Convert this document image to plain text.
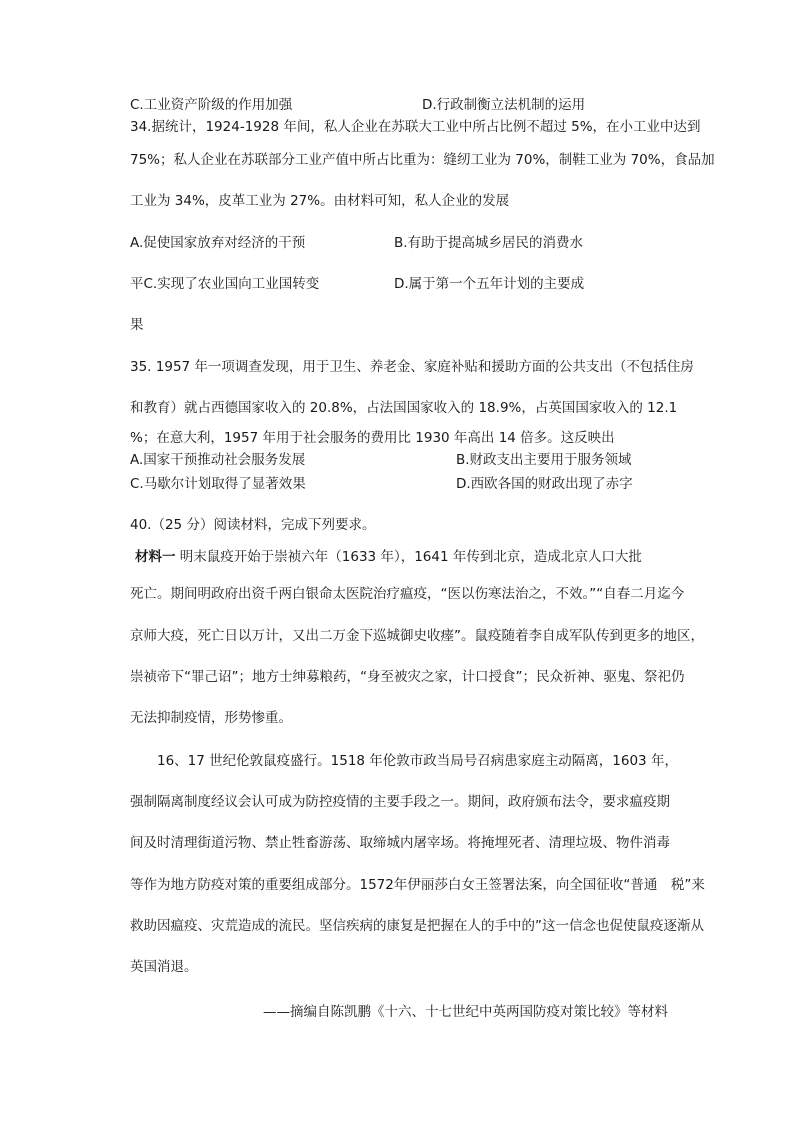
C.工业资产阶级的作用加强	D.行政制衡立法机制的运用
34.据统计，1924-1928 年间，私人企业在苏联大工业中所占比例不超过 5%，在小工业中达到
75%；私人企业在苏联部分工业产值中所占比重为：缝纫工业为 70%，制鞋工业为 70%，食品加
工业为 34%，皮革工业为 27%。由材料可知，私人企业的发展
A.促使国家放弃对经济的干预	B.有助于提高城乡居民的消费水
平C.实现了农业国向工业国转变	D.属于第一个五年计划的主要成
果
35. 1957 年一项调查发现，用于卫生、养老金、家庭补贴和援助方面的公共支出（不包括住房
和教育）就占西德国家收入的 20.8%，占法国国家收入的 18.9%，占英国国家收入的 12.1
%；在意大利，1957 年用于社会服务的费用比 1930 年高出 14 倍多。这反映出
A.国家干预推动社会服务发展	B.财政支出主要用于服务领域
C.马歇尔计划取得了显著效果	D.西欧各国的财政出现了赤字
40.（25 分）阅读材料，完成下列要求。
材料一 明末鼠疫开始于崇祯六年（1633 年），1641 年传到北京，造成北京人口大批
死亡。期间明政府出资千两白银命太医院治疗瘟疫，“医以伤寒法治之，不效。”“自春二月迄今
京师大疫，死亡日以万计，又出二万金下巡城御史收瘗”。鼠疫随着李自成军队传到更多的地区，
崇祯帝下“罪己诏”；地方士绅募粮药，“身至被灾之家，计口授食”；民众祈神、驱鬼、祭祀仍
无法抑制疫情，形势惨重。
16、17 世纪伦敦鼠疫盛行。1518 年伦敦市政当局号召病患家庭主动隔离，1603 年，
强制隔离制度经议会认可成为防控疫情的主要手段之一。期间，政府颁布法令，要求瘟疫期
间及时清理街道污物、禁止牲畜游荡、取缔城内屠宰场。将掩埋死者、清理垃圾、物件消毒
等作为地方防疫对策的重要组成部分。1572年伊丽莎白女王签署法案，向全国征收“普通　税”来
救助因瘟疫、灾荒造成的流民。坚信疾病的康复是把握在人的手中的”这一信念也促使鼠疫逐渐从
英国消退。
——摘编自陈凯鹏《十六、十七世纪中英两国防疫对策比较》等材料
